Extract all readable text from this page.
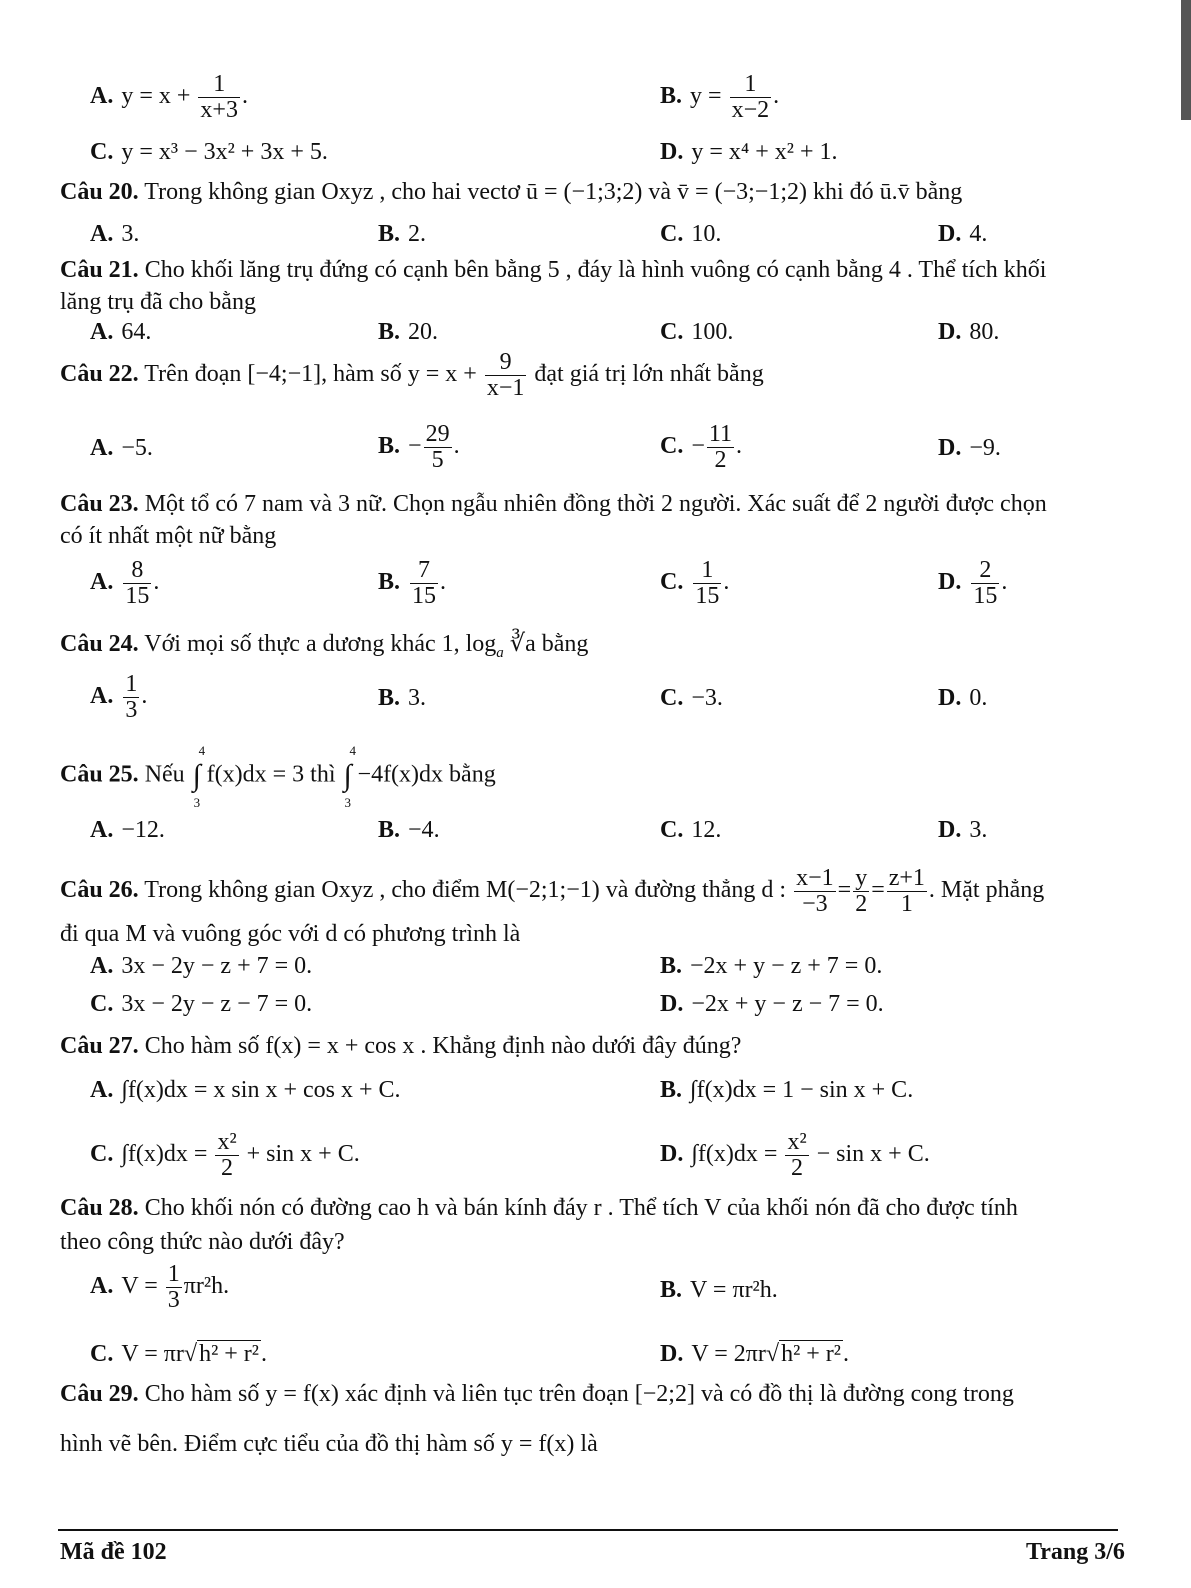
A. $y = x + \frac{1}{x+3}$ .	B. $y = \frac{1}{x-2}$ .
C. y = x³ − 3x² + 3x + 5.	D. y = x⁴ + x² + 1.
Câu 20. Trong không gian Oxyz , cho hai vectơ ū = (−1;3;2) và v̄ = (−3;−1;2) khi đó ū.v̄ bằng
A. 3.	B. 2.	C. 10.	D. 4.
Câu 21. Cho khối lăng trụ đứng có cạnh bên bằng 5 , đáy là hình vuông có cạnh bằng 4 . Thể tích khối
lăng trụ đã cho bằng
A. 64.	B. 20.	C. 100.	D. 80.
Câu 22. Trên đoạn [−4;−1], hàm số $y = x + \frac{9}{x-1}$ đạt giá trị lớn nhất bằng
A. −5.	B. − $\frac{29}{5}$ .	C. − $\frac{11}{2}$ .	D. −9.
Câu 23. Một tổ có 7 nam và 3 nữ. Chọn ngẫu nhiên đồng thời 2 người. Xác suất để 2 người được chọn
có ít nhất một nữ bằng
A. $\frac{8}{15}$ .	B. $\frac{7}{15}$ .	C. $\frac{1}{15}$ .	D. $\frac{2}{15}$ .
Câu 24. Với mọi số thực a dương khác 1, $\log_a$ ∛a bằng
A. $\frac{1}{3}$ .	B. 3.	C. −3.	D. 0.
Câu 25. Nếu ∫
4
3
f(x)dx = 3 thì ∫
4
3
−4f(x)dx bằng
A. −12.	B. −4.	C. 12.	D. 3.
Câu 26. Trong không gian Oxyz , cho điểm M(−2;1;−1) và đường thẳng d : $\frac{x-1}{-3} = \frac{y}{2} = \frac{z+1}{1}$ . Mặt phẳng
đi qua M và vuông góc với d có phương trình là
A. 3x − 2y − z + 7 = 0.	B. −2x + y − z + 7 = 0.
C. 3x − 2y − z − 7 = 0.	D. −2x + y − z − 7 = 0.
Câu 27. Cho hàm số f(x) = x + cos x . Khẳng định nào dưới đây đúng?
A. ∫f(x)dx = x sin x + cos x + C.	B. ∫f(x)dx = 1 − sin x + C.
C. $\int f(x)dx = \frac{\text{x²}}{2} + \sin x + C$.	D. $\int f(x)dx = \frac{\text{x²}}{2} - \sin x + C$.
Câu 28. Cho khối nón có đường cao h và bán kính đáy r . Thể tích V của khối nón đã cho được tính
theo công thức nào dưới đây?
A. $V = \frac{1}{3} \pi r^2h$.	B. V = πr²h.
C. V = πr√h² + r².	D. V = 2πr√h² + r².
Câu 29. Cho hàm số y = f(x) xác định và liên tục trên đoạn [−2;2] và có đồ thị là đường cong trong
hình vẽ bên. Điểm cực tiểu của đồ thị hàm số y = f(x) là
Mã đề 102	Trang 3/6
